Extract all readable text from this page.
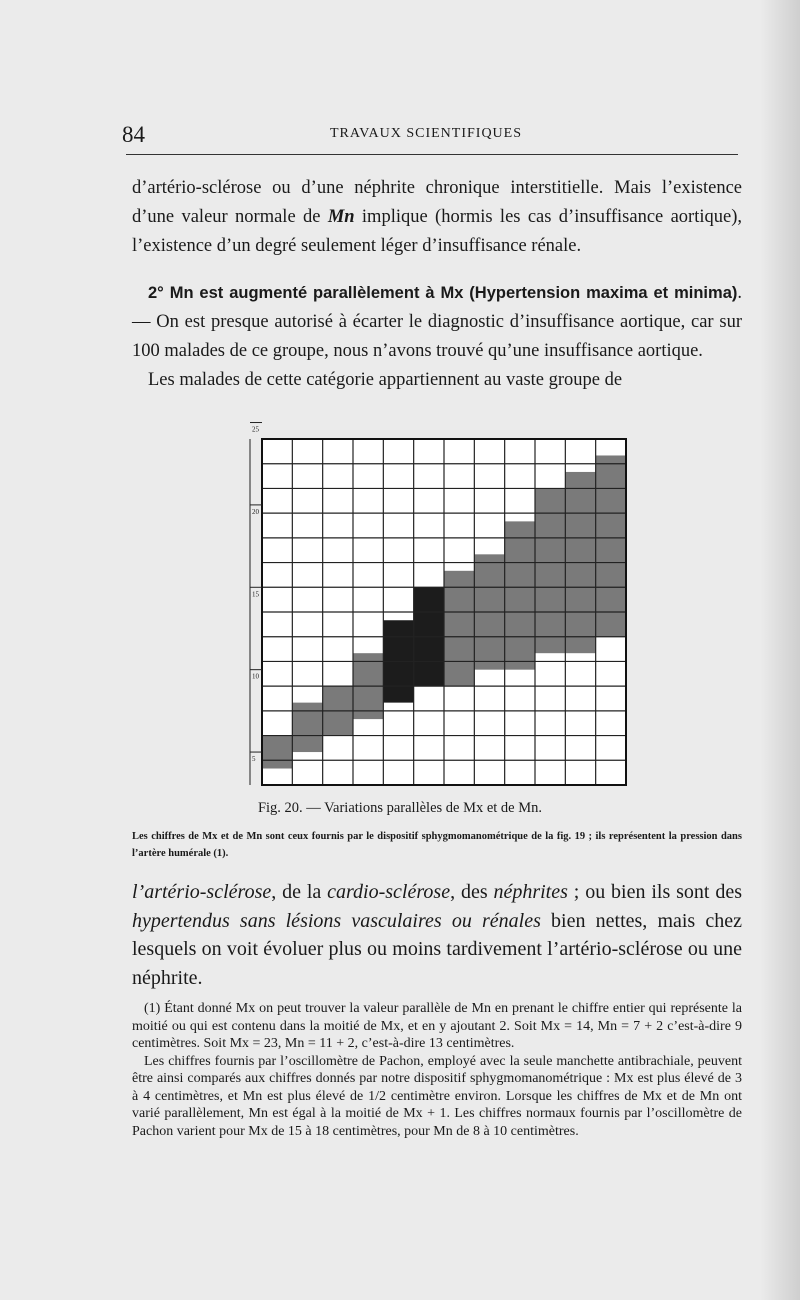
84	TRAVAUX SCIENTIFIQUES

d’artério-sclérose ou d’une néphrite chronique interstitielle. Mais l’existence d’une valeur normale de Mn implique (hormis les cas d’insuffisance aortique), l’existence d’un degré seulement léger d’insuffisance rénale.

2° Mn est augmenté parallèlement à Mx (Hypertension maxima et minima). — On est presque autorisé à écarter le diagnostic d’insuffisance aortique, car sur 100 malades de ce groupe, nous n’avons trouvé qu’une insuffisance aortique.

Les malades de cette catégorie appartiennent au vaste groupe de

5
10
15
20
25
Fig. 20. — Variations parallèles de Mx et de Mn.
Les chiffres de Mx et de Mn sont ceux fournis par le dispositif sphygmomanométrique de la fig. 19 ; ils représentent la pression dans l’artère humérale (1).
l’artério-sclérose, de la cardio-sclérose, des néphrites ; ou bien ils sont des hypertendus sans lésions vasculaires ou rénales bien nettes, mais chez lesquels on voit évoluer plus ou moins tardivement l’artério-sclérose ou une néphrite.

(1) Étant donné Mx on peut trouver la valeur parallèle de Mn en prenant le chiffre entier qui représente la moitié ou qui est contenu dans la moitié de Mx, et en y ajoutant 2. Soit Mx = 14, Mn = 7 + 2 c’est-à-dire 9 centimètres. Soit Mx = 23, Mn = 11 + 2, c’est-à-dire 13 centimètres.

Les chiffres fournis par l’oscillomètre de Pachon, employé avec la seule manchette antibrachiale, peuvent être ainsi comparés aux chiffres donnés par notre dispositif sphygmomanométrique : Mx est plus élevé de 3 à 4 centimètres, et Mn est plus élevé de 1/2 centimètre environ. Lorsque les chiffres de Mx et de Mn ont varié parallèlement, Mn est égal à la moitié de Mx + 1. Les chiffres normaux fournis par l’oscillomètre de Pachon varient pour Mx de 15 à 18 centimètres, pour Mn de 8 à 10 centimètres.
